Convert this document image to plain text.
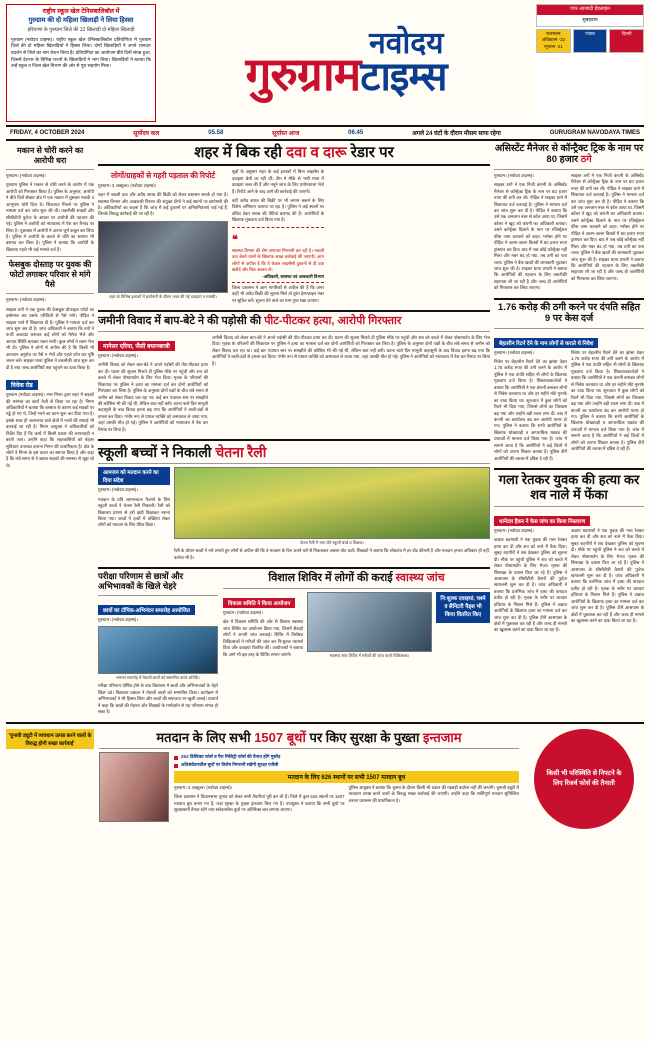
राष्ट्रीय स्कूल खेल टेनिसबालिबॉल में
गुरुग्राम की दो महिला खिलाड़ी ने लिया हिस्सा
हरियाणा के गुरुग्राम जिले की 12 खिलाड़ी दो महिला खिलाड़ी

गुरुग्राम (नवोदय टाइम्स)। राष्ट्रीय स्कूल खेल टेनिसबालिबॉल प्रतियोगिता में गुरुग्राम जिले की दो महिला खिलाड़ियों ने हिस्सा लिया। दोनों खिलाड़ियों ने अपने शानदार प्रदर्शन से जिले का नाम रोशन किया है। प्रतियोगिता का आयोजन बीते दिनों संपन्न हुआ, जिसमें देशभर के विभिन्न राज्यों के खिलाड़ियों ने भाग लिया। खिलाड़ियों ने बताया कि उन्हें स्कूल व जिला खेल विभाग की ओर से पूरा सहयोग मिला।	गुरुग्राम
नवोदय
टाइम्स
एपर आजादी हेडलाइन
सुबहवाय
राजस्थान अधिकतम -33 न्यूनतम -21
पंजाब	दिल्ली
FRIDAY, 4 OCTOBER 2024	सूर्योदय कल	05.58	सूर्यास्त आज	06.45	अगले 24 घंटों के दौरान मौसम साफ रहेगा	GURUGRAM NAVODAYA TIMES
मकान से चोरी करने का आरोपी धरा

गुरुग्राम। (नवोदय टाइम्स)।

गुरुग्राम पुलिस ने मकान से चोरी करने के आरोप में एक आरोपी को गिरफ्तार किया है। पुलिस के अनुसार, आरोपी ने बीते दिनों सेक्टर क्षेत्र में एक मकान में घुसकर नकदी व आभूषण चोरी किए थे। शिकायत मिलने पर पुलिस ने मामला दर्ज कर जांच शुरू की थी। तकनीकी साक्ष्यों और सीसीटीवी फुटेज के आधार पर आरोपी की पहचान की गई। पुलिस ने आरोपी को न्यायालय में पेश कर रिमांड पर लिया है। पूछताछ में आरोपी ने अपना जुर्म कबूल कर लिया है। पुलिस ने आरोपी के कब्जे से चोरी का सामान भी बरामद कर लिया है। पुलिस ने बताया कि आरोपी के खिलाफ पहले भी कई मामले दर्ज हैं।

फेसबुक दोस्ताह पर युवक की फोटो लगाकर परिवार से मांगे पैसे

गुरुग्राम। (नवोदय टाइम्स)।

साइबर ठगों ने एक युवक की फेसबुक प्रोफाइल फोटो का इस्तेमाल कर उसके परिचितों से पैसे मांगे। पीड़ित ने साइबर थाने में शिकायत दी है। पुलिस ने मामला दर्ज कर जांच शुरू कर दी है। जांच अधिकारी ने बताया कि ठगों ने फर्जी अकाउंट बनाकर कई लोगों को मैसेज भेजे और आपात स्थिति बताकर रकम मांगी। कुछ लोगों ने रकम भेज भी दी। पुलिस ने लोगों से अपील की है कि किसी भी अनजान अनुरोध पर पैसे न भेजें और पहले फोन कर पुष्टि जरूर करें। साइबर थाना पुलिस ने तकनीकी जांच शुरू कर दी है तथा जल्द आरोपियों तक पहुंचने का दावा किया है।

विवेक रोड

गुरुग्राम (नवोदय टाइम्स)। नगर निगम द्वारा शहर में सड़कों की मरम्मत का कार्य तेजी से किया जा रहा है। निगम अधिकारियों ने बताया कि बरसात के कारण कई सड़कों पर गड्ढे हो गए थे, जिन्हें भरने का काम शुरू कर दिया गया है। इसके साथ ही जलभराव वाले क्षेत्रों में नालों की सफाई भी करवाई जा रही है। निगम आयुक्त ने अधिकारियों को निर्देश दिए हैं कि कार्य में किसी प्रकार की लापरवाही न बरती जाए। उन्होंने कहा कि शहरवासियों को बेहतर सुविधाएं उपलब्ध कराना निगम की प्राथमिकता है। क्षेत्र के लोगों ने निगम के इस कदम का स्वागत किया है और कहा है कि लंबे समय से वे खराब सड़कों की समस्या से जूझ रहे थे।

शहर में बिक रही दवा व दारू रेडार पर
लोगों/ग्राहकों से गहरी पड़ताल की रिपोर्ट

गुरुग्राम। 3 अक्टूबर। (नवोदय टाइम्स)।

शहर में नकली दवा और अवैध शराब की बिक्री को लेकर प्रशासन सतर्क हो गया है। स्वास्थ्य विभाग और आबकारी विभाग की संयुक्त टीमों ने कई स्थानों पर छापेमारी की है। अधिकारियों का कहना है कि जांच में कई दुकानों पर अनियमितताएं पाई गई हैं, जिनके विरुद्ध कार्रवाई की जा रही है।

शहर के विभिन्न इलाकों में छापेमारी के दौरान जब्त की गई दवाइयां व सामग्री।

सूत्रों के अनुसार शहर के कई इलाकों में बिना लाइसेंस के दवाइयां बेची जा रही थीं। टीम ने मौके से भारी मात्रा में दवाइयां जब्त की हैं और नमूने जांच के लिए प्रयोगशाला भेजे हैं। रिपोर्ट आने के बाद आगे की कार्रवाई की जाएगी।

वहीं अवैध शराब की बिक्री पर भी लगाम कसने के लिए विशेष अभियान चलाया जा रहा है। पुलिस ने कई स्थानों पर दबिश देकर शराब की पेटियां बरामद की हैं। आरोपियों के खिलाफ मुकदमा दर्ज किया गया है।

❝

स्वास्थ्य विभाग की टीम लगातार निगरानी कर रही है। नकली दवा बेचने वालों के खिलाफ सख्त कार्रवाई की जाएगी। आम लोगों से अपील है कि वे केवल लाइसेंसी दुकानों से ही दवा खरीदें और बिल अवश्य लें।

-अधिकारी, स्वास्थ्य एवं आबकारी विभाग

जिला प्रशासन ने आम नागरिकों से अपील की है कि अगर कहीं भी अवैध बिक्री की सूचना मिले तो तुरंत हेल्पलाइन नंबर पर सूचित करें। सूचना देने वाले का नाम गुप्त रखा जाएगा।

जमीनी विवाद में बाप-बेटे ने की पड़ोसी की पीट-पीटकर हत्या, आरोपी गिरफ्तार
मानेसर एरिया, जैसी बयानबाजी

गुरुग्राम। (नवोदय टाइम्स)।

जमीनी विवाद को लेकर बाप-बेटे ने अपने पड़ोसी की पीट-पीटकर हत्या कर दी। घटना की सूचना मिलते ही पुलिस मौके पर पहुंची और शव को कब्जे में लेकर पोस्टमार्टम के लिए भेज दिया। मृतक के परिजनों की शिकायत पर पुलिस ने हत्या का मामला दर्ज कर दोनों आरोपियों को गिरफ्तार कर लिया है। पुलिस के अनुसार दोनों पक्षों के बीच लंबे समय से जमीन को लेकर विवाद चल रहा था। कई बार पंचायत स्तर पर समझौते की कोशिश भी की गई थी, लेकिन बात नहीं बनी। घटना वाले दिन मामूली कहासुनी के बाद विवाद इतना बढ़ गया कि आरोपियों ने लाठी-डंडों से हमला कर दिया। गंभीर रूप से घायल व्यक्ति को अस्पताल ले जाया गया, जहां उसकी मौत हो गई। पुलिस ने आरोपियों को न्यायालय में पेश कर रिमांड पर लिया है।

जमीनी विवाद को लेकर बाप-बेटे ने अपने पड़ोसी की पीट-पीटकर हत्या कर दी। घटना की सूचना मिलते ही पुलिस मौके पर पहुंची और शव को कब्जे में लेकर पोस्टमार्टम के लिए भेज दिया। मृतक के परिजनों की शिकायत पर पुलिस ने हत्या का मामला दर्ज कर दोनों आरोपियों को गिरफ्तार कर लिया है। पुलिस के अनुसार दोनों पक्षों के बीच लंबे समय से जमीन को लेकर विवाद चल रहा था। कई बार पंचायत स्तर पर समझौते की कोशिश भी की गई थी, लेकिन बात नहीं बनी। घटना वाले दिन मामूली कहासुनी के बाद विवाद इतना बढ़ गया कि आरोपियों ने लाठी-डंडों से हमला कर दिया। गंभीर रूप से घायल व्यक्ति को अस्पताल ले जाया गया, जहां उसकी मौत हो गई। पुलिस ने आरोपियों को न्यायालय में पेश कर रिमांड पर लिया है।

स्कूली बच्चों ने निकाली चेतना रैली
आमजन को मतदान करने का दिया संदेश

गुरुग्राम। (नवोदय टाइम्स)।

मतदान के प्रति जागरूकता फैलाने के लिए स्कूली बच्चों ने चेतना रैली निकाली। रैली को विद्यालय प्रांगण से हरी झंडी दिखाकर रवाना किया गया। बच्चों ने हाथों में तख्तियां लेकर लोगों को मतदान के लिए प्रेरित किया।

चेतना रैली में भाग लेते स्कूली बच्चे व शिक्षक।

रैली के दौरान बच्चों ने नारे लगाते हुए लोगों से अपील की कि वे मतदान के दिन अपने घरों से निकलकर अवश्य वोट डालें। शिक्षकों ने बताया कि लोकतंत्र में हर वोट कीमती है और मतदान हमारा अधिकार ही नहीं, कर्तव्य भी है।

परीक्षा परिणाम से छात्रों और अभिभावकों के खिले चेहरे
छात्रों का टॉपिक-अभिनंदन समारोह आयोजित

गुरुग्राम। (नवोदय टाइम्स)।

सम्मान समारोह में मेधावी छात्रों को सम्मानित करते अतिथि।

परीक्षा परिणाम घोषित होने के बाद विद्यालय में छात्रों और अभिभावकों के चेहरे खिल उठे। विद्यालय प्रबंधन ने मेधावी छात्रों को सम्मानित किया। कार्यक्रम में अभिभावकों ने भी हिस्सा लिया और बच्चों की सफलता पर खुशी जताई। प्राचार्य ने कहा कि छात्रों की मेहनत और शिक्षकों के मार्गदर्शन से यह परिणाम संभव हो सका है।

विशाल शिविर में लोगों की कराई स्वास्थ्य जांच
विकास समिति ने किया आयोजन

गुरुग्राम। (नवोदय टाइम्स)।

क्षेत्र में विकास समिति की ओर से विशाल स्वास्थ्य जांच शिविर का आयोजन किया गया, जिसमें सैकड़ों लोगों ने अपनी जांच करवाई। शिविर में विशेषज्ञ चिकित्सकों ने मरीजों की जांच कर नि:शुल्क परामर्श दिया और दवाइयां वितरित कीं। आयोजकों ने बताया कि आगे भी इस तरह के शिविर लगाए जाएंगे।	स्वास्थ्य जांच शिविर में मरीजों की जांच करते चिकित्सक।
नि:शुल्क दवाइयां, चश्मे व सैनिटरी पैड्स भी किया वितरित किए
असिस्टेंट मैनेजर से कॉन्ट्रैक्ट ट्रिक के नाम पर 80 हजार ठगे

गुरुग्राम। (नवोदय टाइम्स)।

साइबर ठगों ने एक निजी कंपनी के असिस्टेंट मैनेजर से कॉन्ट्रैक्ट ट्रिक के नाम पर 80 हजार रुपए की ठगी कर ली। पीड़ित ने साइबर थाने में शिकायत दर्ज करवाई है। पुलिस ने मामला दर्ज कर जांच शुरू कर दी है। पीड़ित ने बताया कि उसे एक अनजान नंबर से कॉल आया था, जिसमें कॉलर ने खुद को कंपनी का अधिकारी बताया। उसने कॉन्ट्रैक्ट दिलाने के नाम पर रजिस्ट्रेशन फीस जमा करवाने को कहा। भरोसा होने पर पीड़ित ने अलग-अलग किस्तों में 80 हजार रुपए ट्रांसफर कर दिए। बाद में जब कोई कॉन्ट्रैक्ट नहीं मिला और नंबर बंद हो गया, तब ठगी का पता चला। पुलिस ने बैंक खातों की जानकारी जुटाकर जांच शुरू की है। साइबर थाना प्रभारी ने बताया कि आरोपियों की पहचान के लिए तकनीकी सहायता ली जा रही है और जल्द ही आरोपियों को गिरफ्तार कर लिया जाएगा।

साइबर ठगों ने एक निजी कंपनी के असिस्टेंट मैनेजर से कॉन्ट्रैक्ट ट्रिक के नाम पर 80 हजार रुपए की ठगी कर ली। पीड़ित ने साइबर थाने में शिकायत दर्ज करवाई है। पुलिस ने मामला दर्ज कर जांच शुरू कर दी है। पीड़ित ने बताया कि उसे एक अनजान नंबर से कॉल आया था, जिसमें कॉलर ने खुद को कंपनी का अधिकारी बताया। उसने कॉन्ट्रैक्ट दिलाने के नाम पर रजिस्ट्रेशन फीस जमा करवाने को कहा। भरोसा होने पर पीड़ित ने अलग-अलग किस्तों में 80 हजार रुपए ट्रांसफर कर दिए। बाद में जब कोई कॉन्ट्रैक्ट नहीं मिला और नंबर बंद हो गया, तब ठगी का पता चला। पुलिस ने बैंक खातों की जानकारी जुटाकर जांच शुरू की है। साइबर थाना प्रभारी ने बताया कि आरोपियों की पहचान के लिए तकनीकी सहायता ली जा रही है और जल्द ही आरोपियों को गिरफ्तार कर लिया जाएगा।

1.76 करोड़ की ठगी करने पर दंपति सहित 9 पर केस दर्ज
बेहतरीन रिटर्न देने के नाम लोगों से कराते थे निवेश

गुरुग्राम। (नवोदय टाइम्स)।

निवेश पर बेहतरीन रिटर्न देने का झांसा देकर 1.76 करोड़ रुपए की ठगी करने के आरोप में पुलिस ने एक दंपति सहित नौ लोगों के खिलाफ मुकदमा दर्ज किया है। शिकायतकर्ताओं ने बताया कि आरोपियों ने एक कंपनी बनाकर लोगों से निवेश करवाया था और हर महीने मोटे मुनाफे का वादा किया था। शुरुआत में कुछ लोगों को रिटर्न भी दिया गया, जिससे लोगों का विश्वास बढ़ गया और उन्होंने बड़ी रकम लगा दी। बाद में कंपनी का कार्यालय बंद कर आरोपी फरार हो गए। पुलिस ने बताया कि सभी आरोपियों के खिलाफ धोखाधड़ी व आपराधिक षड्यंत्र की धाराओं में मामला दर्ज किया गया है। जांच में सामने आया है कि आरोपियों ने कई जिलों में लोगों को अपना शिकार बनाया है। पुलिस टीमें आरोपियों की तलाश में दबिश दे रही हैं।

निवेश पर बेहतरीन रिटर्न देने का झांसा देकर 1.76 करोड़ रुपए की ठगी करने के आरोप में पुलिस ने एक दंपति सहित नौ लोगों के खिलाफ मुकदमा दर्ज किया है। शिकायतकर्ताओं ने बताया कि आरोपियों ने एक कंपनी बनाकर लोगों से निवेश करवाया था और हर महीने मोटे मुनाफे का वादा किया था। शुरुआत में कुछ लोगों को रिटर्न भी दिया गया, जिससे लोगों का विश्वास बढ़ गया और उन्होंने बड़ी रकम लगा दी। बाद में कंपनी का कार्यालय बंद कर आरोपी फरार हो गए। पुलिस ने बताया कि सभी आरोपियों के खिलाफ धोखाधड़ी व आपराधिक षड्यंत्र की धाराओं में मामला दर्ज किया गया है। जांच में सामने आया है कि आरोपियों ने कई जिलों में लोगों को अपना शिकार बनाया है। पुलिस टीमें आरोपियों की तलाश में दबिश दे रही हैं।

गला रेतकर युवक की हत्या कर शव नाले में फेंका
थानेदार हैकर ने केस जांच का किया निस्तारण

गुरुग्राम। (नवोदय टाइम्स)।

अज्ञात बदमाशों ने एक युवक की गला रेतकर हत्या कर दी और शव को नाले में फेंक दिया। सुबह राहगीरों ने शव देखकर पुलिस को सूचना दी। मौके पर पहुंची पुलिस ने शव को कब्जे में लेकर पोस्टमार्टम के लिए भेजा। मृतक की शिनाख्त के प्रयास किए जा रहे हैं। पुलिस ने आसपास के सीसीटीवी कैमरों की फुटेज खंगालनी शुरू कर दी है। जांच अधिकारी ने बताया कि प्रारंभिक जांच में हत्या की वारदात प्रतीत हो रही है। मृतक के शरीर पर धारदार हथियार के निशान मिले हैं। पुलिस ने अज्ञात आरोपियों के खिलाफ हत्या का मामला दर्ज कर जांच शुरू कर दी है। पुलिस टीमें आसपास के क्षेत्रों में पूछताछ कर रही हैं और जल्द ही मामले का खुलासा करने का दावा किया जा रहा है।

अज्ञात बदमाशों ने एक युवक की गला रेतकर हत्या कर दी और शव को नाले में फेंक दिया। सुबह राहगीरों ने शव देखकर पुलिस को सूचना दी। मौके पर पहुंची पुलिस ने शव को कब्जे में लेकर पोस्टमार्टम के लिए भेजा। मृतक की शिनाख्त के प्रयास किए जा रहे हैं। पुलिस ने आसपास के सीसीटीवी कैमरों की फुटेज खंगालनी शुरू कर दी है। जांच अधिकारी ने बताया कि प्रारंभिक जांच में हत्या की वारदात प्रतीत हो रही है। मृतक के शरीर पर धारदार हथियार के निशान मिले हैं। पुलिस ने अज्ञात आरोपियों के खिलाफ हत्या का मामला दर्ज कर जांच शुरू कर दी है। पुलिस टीमें आसपास के क्षेत्रों में पूछताछ कर रही हैं और जल्द ही मामले का खुलासा करने का दावा किया जा रहा है।

'चुनावी ड्यूटी में व्यवधान उत्पन्न करने वालों के विरुद्ध होगी सख्त कार्रवाई'	मतदान के लिए सभी 1507 बूथों पर किए सुरक्षा के पुख्ता इन्तजाम
252 डिस्टिक्ट फोर्स व पैरा मिलिट्री फोर्स की तैनात होंगे मुस्तैद
अतिसंवेदनशील बूथों पर विशेष निगरानी रखेगी सुरक्षा एजेंसी
मतदान के लिए 626 स्थानों पर सभी 1507 मतदान बूथ

गुरुग्राम। 3 अक्टूबर। (नवोदय टाइम्स)।

जिला प्रशासन ने विधानसभा चुनाव को लेकर सभी तैयारियां पूरी कर ली हैं। जिले में कुल 626 स्थानों पर 1507 मतदान बूथ बनाए गए हैं, जहां सुरक्षा के पुख्ता इंतजाम किए गए हैं। उपायुक्त ने बताया कि सभी बूथों पर सुरक्षाकर्मी तैनात रहेंगे तथा संवेदनशील बूथों पर अतिरिक्त बल लगाया जाएगा।

पुलिस आयुक्त ने बताया कि चुनाव के दौरान किसी भी प्रकार की गड़बड़ी बर्दाश्त नहीं की जाएगी। चुनावी ड्यूटी में व्यवधान उत्पन्न करने वालों के विरुद्ध सख्त कार्रवाई की जाएगी। उन्होंने कहा कि शांतिपूर्ण मतदान सुनिश्चित कराना प्रशासन की प्राथमिकता है।

किसी भी परिस्थिति से निपटने के लिए रिजर्व फोर्स की तैनाती
